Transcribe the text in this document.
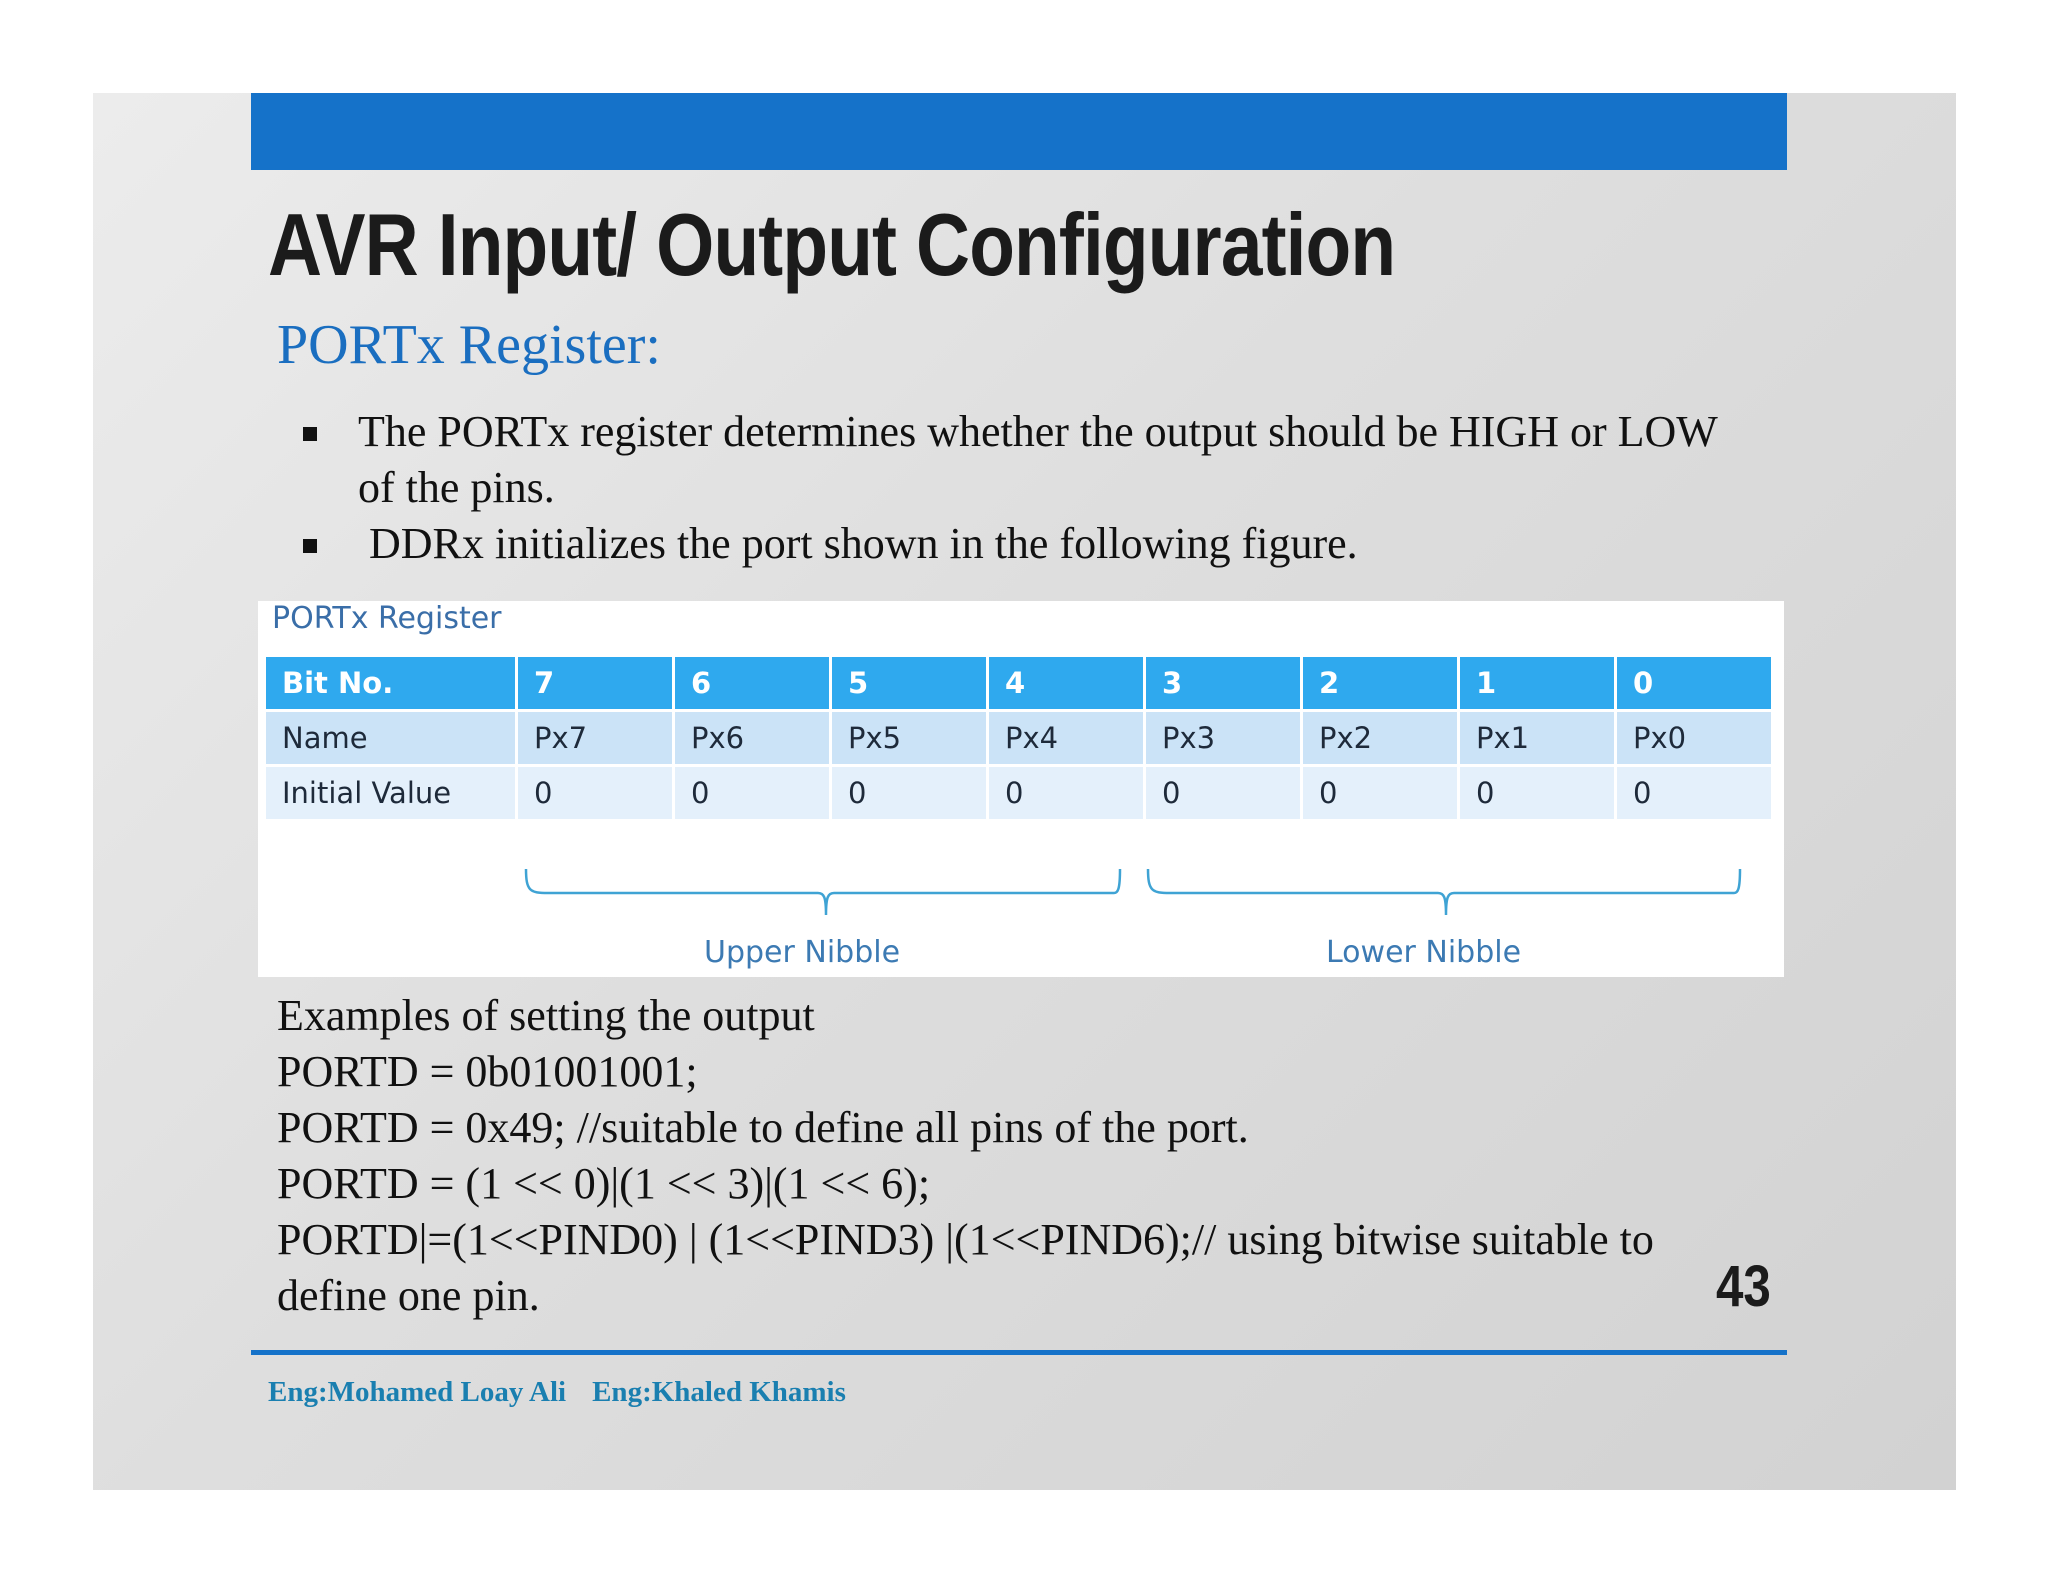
AVR Input/ Output Configuration
PORTx Register:
The PORTx register determines whether the output should be HIGH or LOW of the pins.
DDRx initializes the port shown in the following figure.
PORTx Register
Bit No.	7	6	5	4	3	2	1	0
Name	Px7	Px6	Px5	Px4	Px3	Px2	Px1	Px0
Initial Value	0	0	0	0	0	0	0	0
Upper Nibble	Lower Nibble
Examples of setting the output
PORTD = 0b01001001;
PORTD = 0x49; //suitable to define all pins of the port.
PORTD = (1 << 0)|(1 << 3)|(1 << 6);
PORTD|=(1<<PIND0) | (1<<PIND3) |(1<<PIND6);// using bitwise suitable to
define one pin.	43
Eng:Mohamed Loay Ali Eng:Khaled Khamis
